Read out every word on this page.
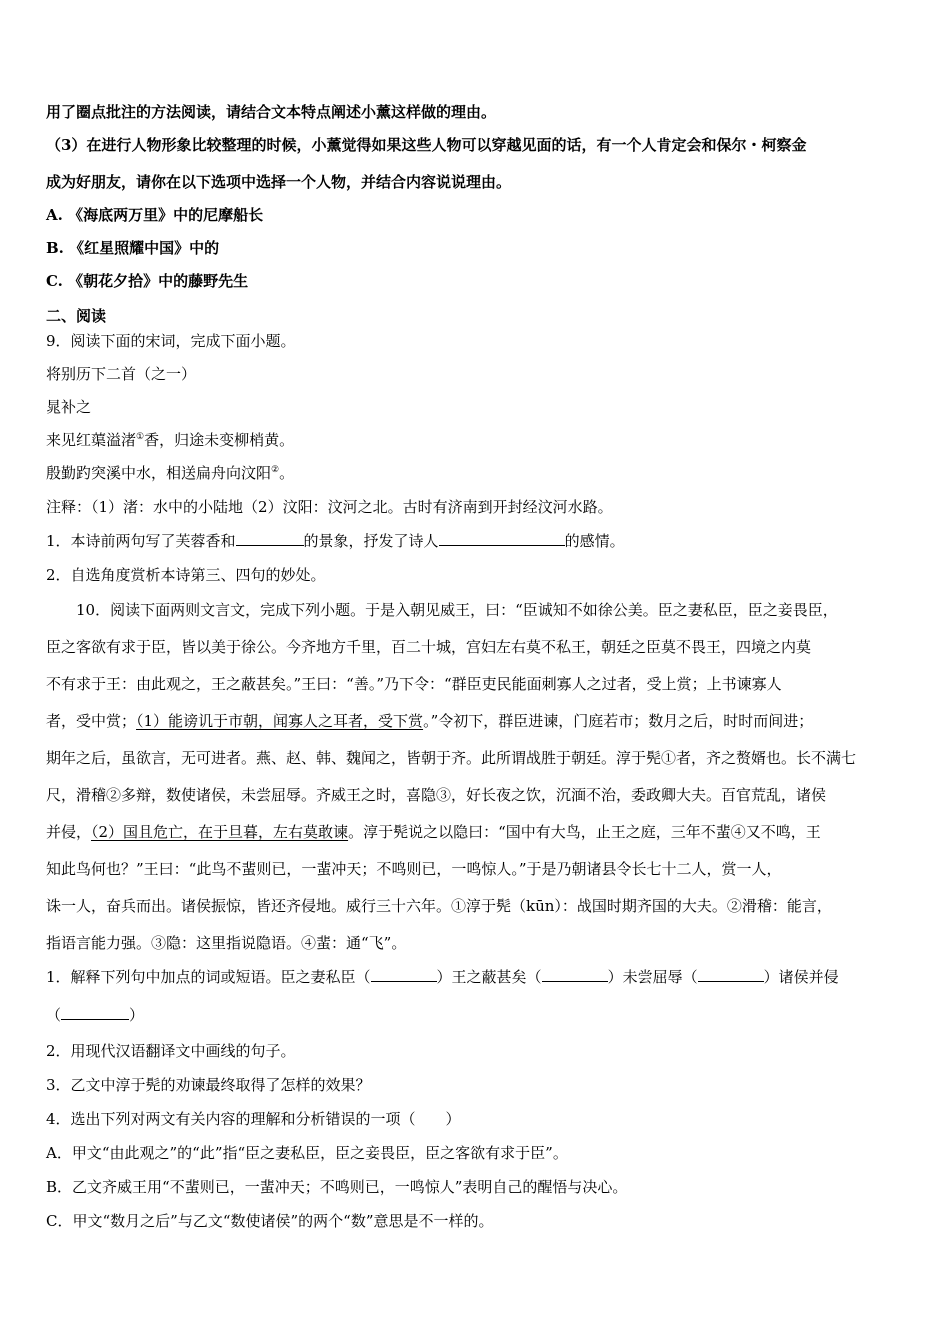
用了圈点批注的方法阅读，请结合文本特点阐述小薰这样做的理由。
（3）在进行人物形象比较整理的时候，小薰觉得如果这些人物可以穿越见面的话，有一个人肯定会和保尔・柯察金
成为好朋友，请你在以下选项中选择一个人物，并结合内容说说理由。
A. 《海底两万里》中的尼摩船长
B. 《红星照耀中国》中的
C. 《朝花夕拾》中的藤野先生
二、阅读
9．阅读下面的宋词，完成下面小题。
将别历下二首（之一）
晁补之
来见红蕖溢渚①香，归途未变柳梢黄。
殷勤趵突溪中水，相送扁舟向汶阳②。
注释：（1）渚：水中的小陆地（2）汶阳：汶河之北。古时有济南到开封经汶河水路。
1．本诗前两句写了芙蓉香和	的景象，抒发了诗人	的感情。
2．自选角度赏析本诗第三、四句的妙处。
10．阅读下面两则文言文，完成下列小题。于是入朝见威王，曰：“臣诚知不如徐公美。臣之妻私臣，臣之妾畏臣，
臣之客欲有求于臣，皆以美于徐公。今齐地方千里，百二十城，宫妇左右莫不私王，朝廷之臣莫不畏王，四境之内莫
不有求于王：由此观之，王之蔽甚矣。”王曰：“善。”乃下令：“群臣吏民能面刺寡人之过者，受上赏；上书谏寡人
者，受中赏；（1）能谤讥于市朝，闻寡人之耳者，受下赏。”令初下，群臣进谏，门庭若市；数月之后，时时而间进；
期年之后，虽欲言，无可进者。燕、赵、韩、魏闻之，皆朝于齐。此所谓战胜于朝廷。淳于髡①者，齐之赘婿也。长不满七
尺，滑稽②多辩，数使诸侯，未尝屈辱。齐威王之时，喜隐③，好长夜之饮，沉湎不治，委政卿大夫。百官荒乱，诸侯
并侵，（2）国且危亡，在于旦暮，左右莫敢谏。淳于髡说之以隐曰：“国中有大鸟，止王之庭，三年不蜚④又不鸣，王
知此鸟何也？”王曰：“此鸟不蜚则已，一蜚冲天；不鸣则已，一鸣惊人。”于是乃朝诸县令长七十二人，赏一人，
诛一人，奋兵而出。诸侯振惊，皆还齐侵地。威行三十六年。①淳于髡（kūn）：战国时期齐国的大夫。②滑稽：能言，
指语言能力强。③隐：这里指说隐语。④蜚：通“飞”。
1．解释下列句中加点的词或短语。臣之妻私臣（	）王之蔽甚矣（	）未尝屈辱（	）诸侯并侵
（	）
2．用现代汉语翻译文中画线的句子。
3．乙文中淳于髡的劝谏最终取得了怎样的效果？
4．选出下列对两文有关内容的理解和分析错误的一项（　　）
A．甲文“由此观之”的“此”指“臣之妻私臣，臣之妾畏臣，臣之客欲有求于臣”。
B．乙文齐威王用“不蜚则已，一蜚冲天；不鸣则已，一鸣惊人”表明自己的醒悟与决心。
C．甲文“数月之后”与乙文“数使诸侯”的两个“数”意思是不一样的。
